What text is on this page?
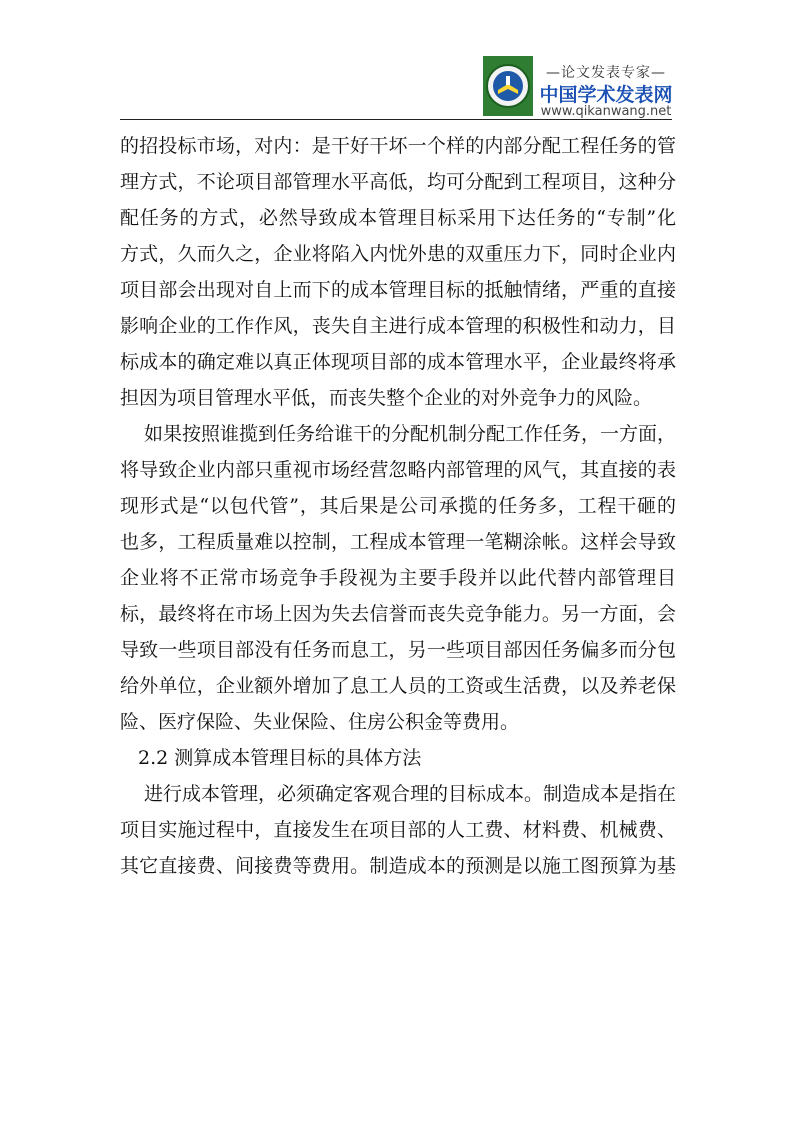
—论文发表专家—
中国学术发表网
www.qikanwang.net
的招投标市场，对内：是干好干坏一个样的内部分配工程任务的管
理方式，不论项目部管理水平高低，均可分配到工程项目，这种分
配任务的方式，必然导致成本管理目标采用下达任务的“专制”化
方式，久而久之，企业将陷入内忧外患的双重压力下，同时企业内
项目部会出现对自上而下的成本管理目标的抵触情绪，严重的直接
影响企业的工作作风，丧失自主进行成本管理的积极性和动力，目
标成本的确定难以真正体现项目部的成本管理水平，企业最终将承
担因为项目管理水平低，而丧失整个企业的对外竞争力的风险。
如果按照谁揽到任务给谁干的分配机制分配工作任务，一方面，
将导致企业内部只重视市场经营忽略内部管理的风气，其直接的表
现形式是“以包代管”，其后果是公司承揽的任务多，工程干砸的
也多，工程质量难以控制，工程成本管理一笔糊涂帐。这样会导致
企业将不正常市场竞争手段视为主要手段并以此代替内部管理目
标，最终将在市场上因为失去信誉而丧失竞争能力。另一方面，会
导致一些项目部没有任务而息工，另一些项目部因任务偏多而分包
给外单位，企业额外增加了息工人员的工资或生活费，以及养老保
险、医疗保险、失业保险、住房公积金等费用。
2.2 测算成本管理目标的具体方法
进行成本管理，必须确定客观合理的目标成本。制造成本是指在
项目实施过程中，直接发生在项目部的人工费、材料费、机械费、
其它直接费、间接费等费用。制造成本的预测是以施工图预算为基
